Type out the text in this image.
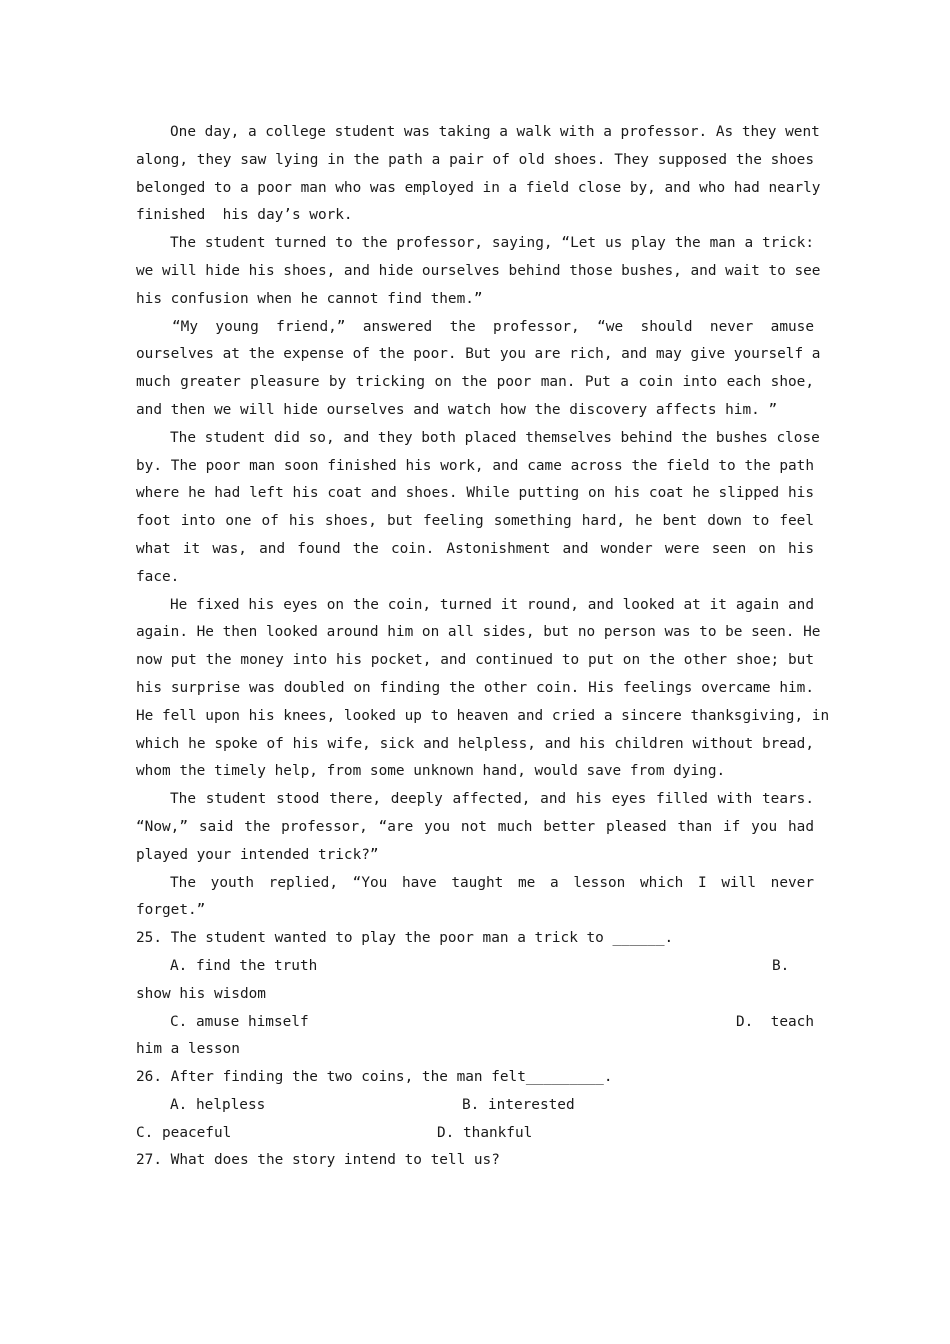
One day, a college student was taking a walk with a professor. As they went
along, they saw lying in the path a pair of old shoes. They supposed the shoes
belonged to a poor man who was employed in a field close by, and who had nearly
finished  his day’s work.
The student turned to the professor, saying, “Let us play the man a trick:
we will hide his shoes, and hide ourselves behind those bushes, and wait to see
his confusion when he cannot find them.”
“My young friend,” answered the professor, “we should never amuse
ourselves at the expense of the poor. But you are rich, and may give yourself a
much greater pleasure by tricking on the poor man. Put a coin into each shoe,
and then we will hide ourselves and watch how the discovery affects him. ”
The student did so, and they both placed themselves behind the bushes close
by. The poor man soon finished his work, and came across the field to the path
where he had left his coat and shoes. While putting on his coat he slipped his
foot into one of his shoes, but feeling something hard, he bent down to feel
what it was, and found the coin. Astonishment and wonder were seen on his
face.
He fixed his eyes on the coin, turned it round, and looked at it again and
again. He then looked around him on all sides, but no person was to be seen. He
now put the money into his pocket, and continued to put on the other shoe; but
his surprise was doubled on finding the other coin. His feelings overcame him.
He fell upon his knees, looked up to heaven and cried a sincere thanksgiving, in
which he spoke of his wife, sick and helpless, and his children without bread,
whom the timely help, from some unknown hand, would save from dying.
The student stood there, deeply affected, and his eyes filled with tears.
“Now,” said the professor, “are you not much better pleased than if you had
played your intended trick?”
The youth replied, “You have taught me a lesson which I will never
forget.”
25. The student wanted to play the poor man a trick to ______.
A. find the truth	B.
show his wisdom
C. amuse himself	D.  teach
him a lesson
26. After finding the two coins, the man felt_________.
A. helpless	B. interested
C. peaceful	D. thankful
27. What does the story intend to tell us?
